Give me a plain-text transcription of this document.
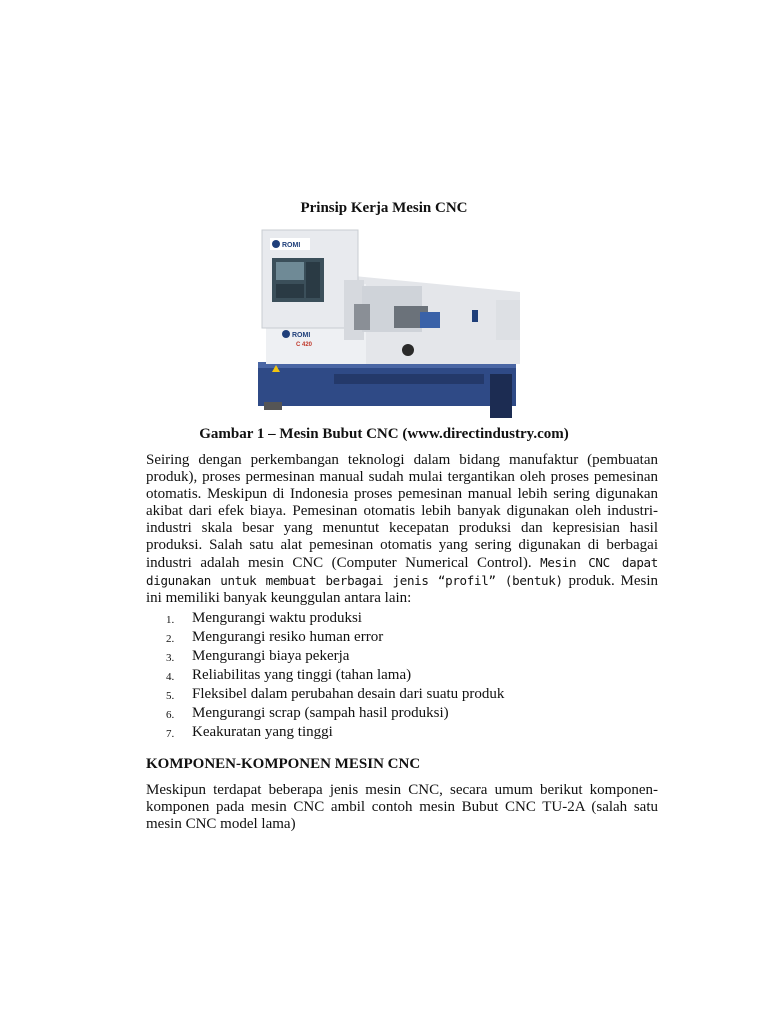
Prinsip Kerja Mesin CNC
ROMI
ROMI
C 420
Gambar 1 – Mesin Bubut CNC (www.directindustry.com)

Seiring dengan perkembangan teknologi dalam bidang manufaktur (pembuatan produk), proses permesinan manual sudah mulai tergantikan oleh proses pemesinan otomatis. Meskipun di Indonesia proses pemesinan manual lebih sering digunakan akibat dari efek biaya. Pemesinan otomatis lebih banyak digunakan oleh industri-industri skala besar yang menuntut kecepatan produksi dan kepresisian hasil produksi. Salah satu alat pemesinan otomatis yang sering digunakan di berbagai industri adalah mesin CNC (Computer Numerical Control). Mesin CNC dapat digunakan untuk membuat berbagai jenis “profil” (bentuk) produk. Mesin ini memiliki banyak keunggulan antara lain:

1.	Mengurangi waktu produksi
2.	Mengurangi resiko human error
3.	Mengurangi biaya pekerja
4.	Reliabilitas yang tinggi (tahan lama)
5.	Fleksibel dalam perubahan desain dari suatu produk
6.	Mengurangi scrap (sampah hasil produksi)
7.	Keakuratan yang tinggi
KOMPONEN-KOMPONEN MESIN CNC

Meskipun terdapat beberapa jenis mesin CNC, secara umum berikut komponen-komponen pada mesin CNC ambil contoh mesin Bubut CNC TU-2A (salah satu mesin CNC model lama)
